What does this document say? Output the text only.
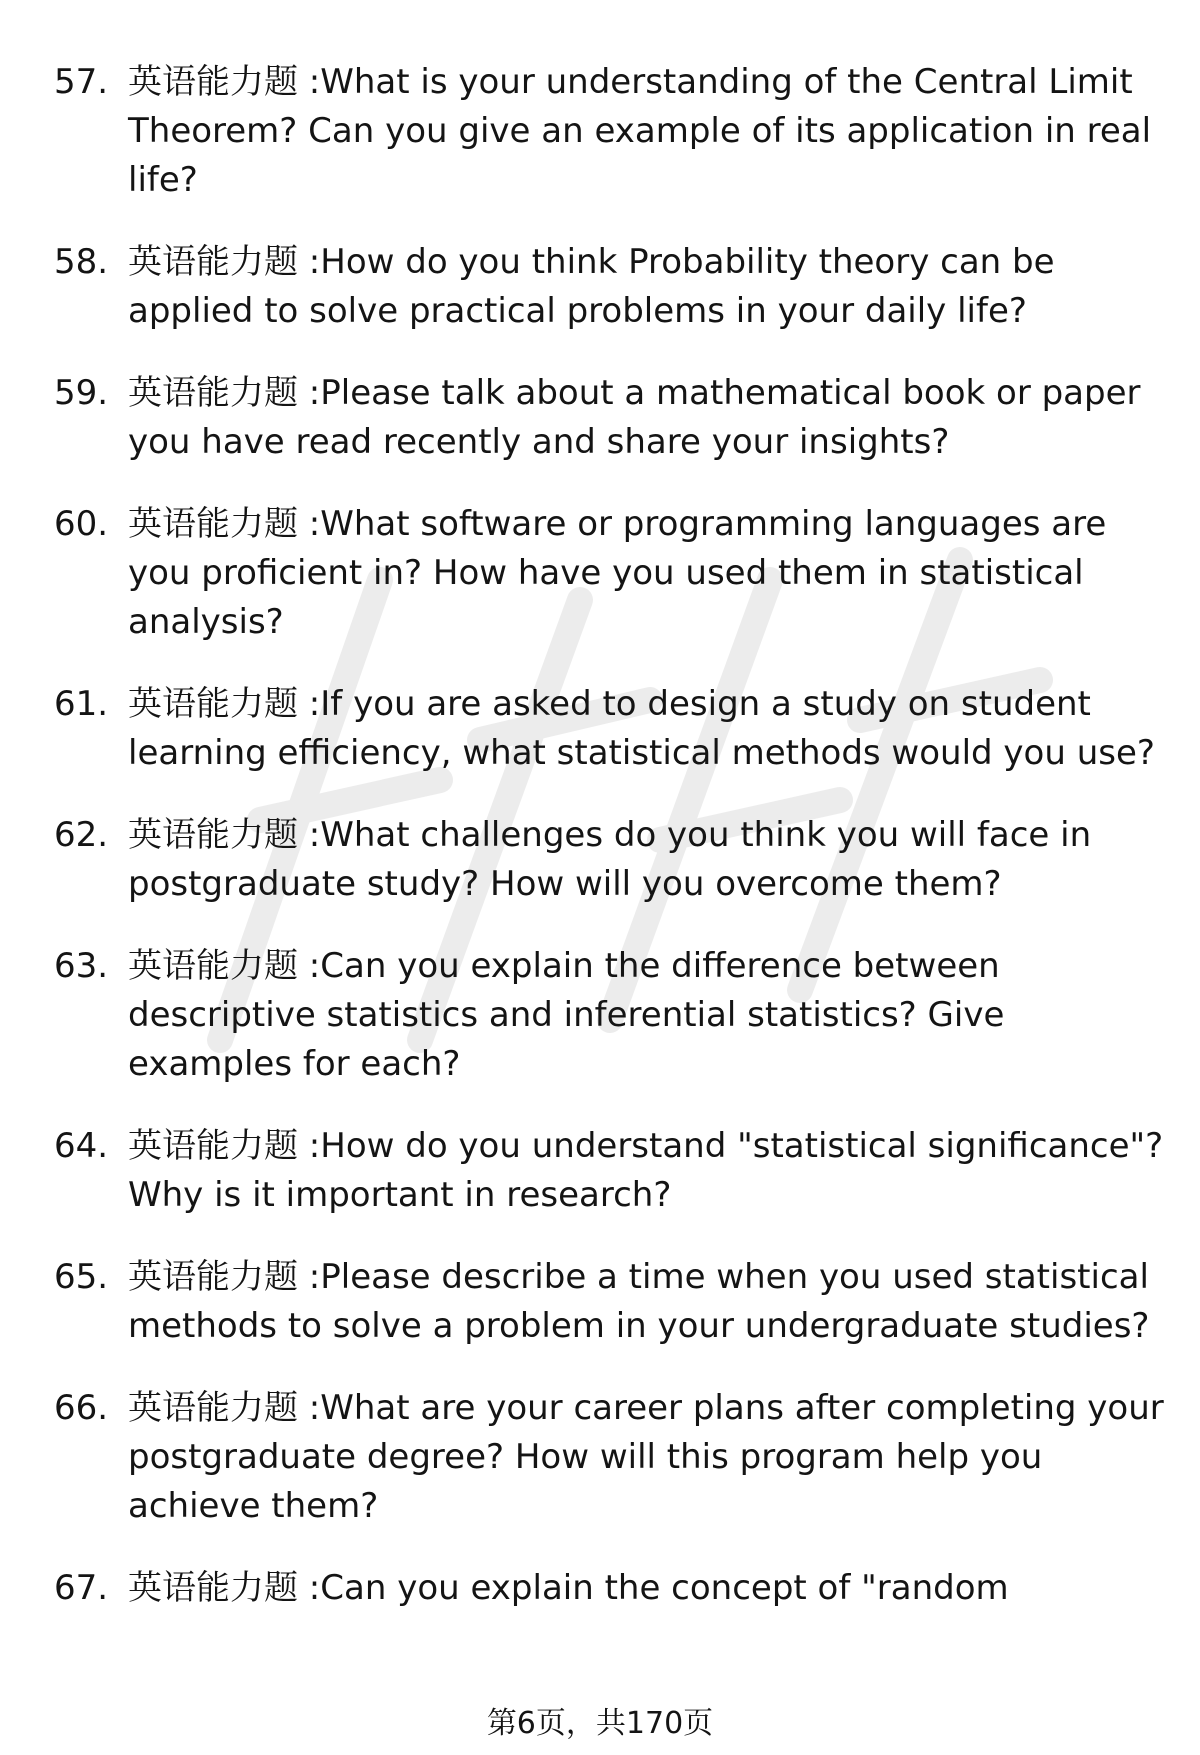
57. 英语能力题 :What is your understanding of the Central Limit Theorem? Can you give an example of its application in real life?
58. 英语能力题 :How do you think Probability theory can be applied to solve practical problems in your daily life?
59. 英语能力题 :Please talk about a mathematical book or paper you have read recently and share your insights?
60. 英语能力题 :What software or programming languages are you proficient in? How have you used them in statistical analysis?
61. 英语能力题 :If you are asked to design a study on student learning efficiency, what statistical methods would you use?
62. 英语能力题 :What challenges do you think you will face in postgraduate study? How will you overcome them?
63. 英语能力题 :Can you explain the difference between descriptive statistics and inferential statistics? Give examples for each?
64. 英语能力题 :How do you understand "statistical significance"? Why is it important in research?
65. 英语能力题 :Please describe a time when you used statistical methods to solve a problem in your undergraduate studies?
66. 英语能力题 :What are your career plans after completing your postgraduate degree? How will this program help you achieve them?
67. 英语能力题 :Can you explain the concept of "random
第6页，共170页
